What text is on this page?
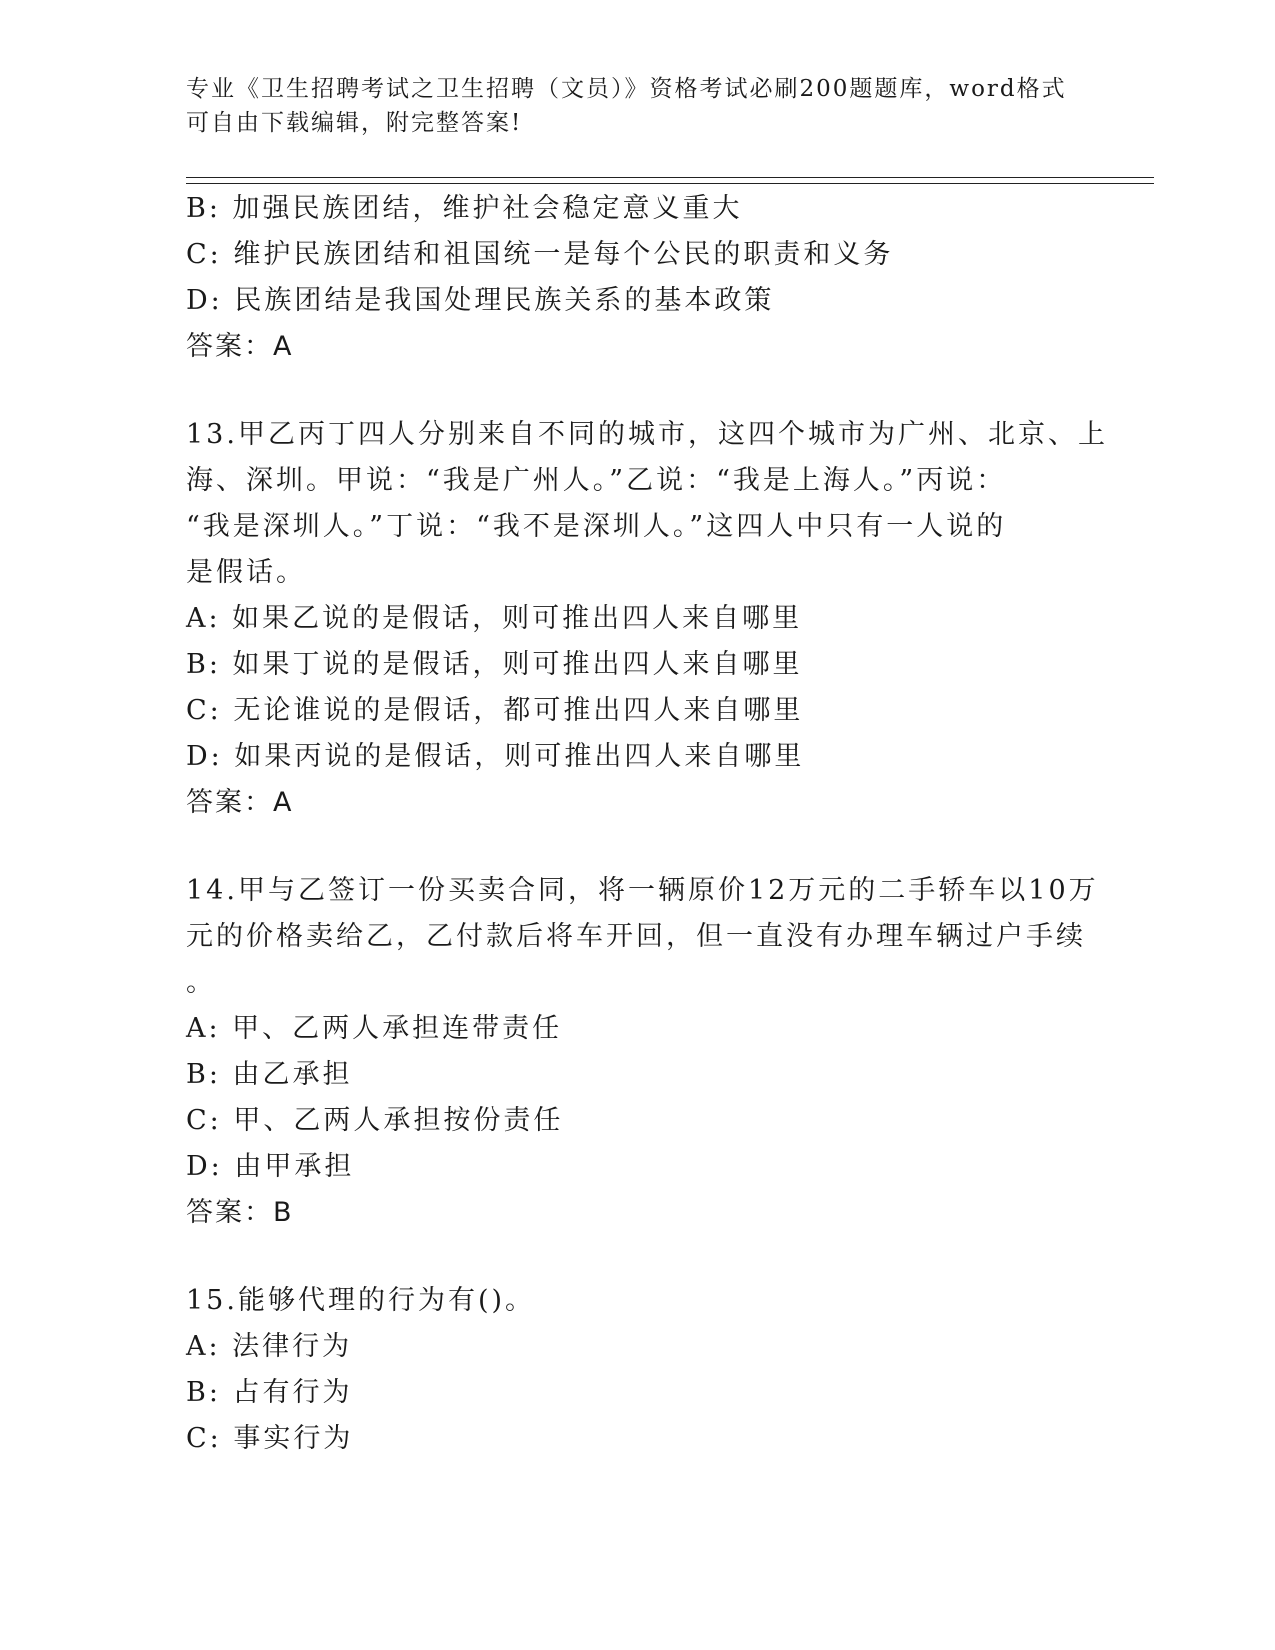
专业《卫生招聘考试之卫生招聘（文员）》资格考试必刷200题题库，word格式
可自由下载编辑，附完整答案!
B: 加强民族团结，维护社会稳定意义重大
C: 维护民族团结和祖国统一是每个公民的职责和义务
D: 民族团结是我国处理民族关系的基本政策
答案：A
13.甲乙丙丁四人分别来自不同的城市，这四个城市为广州、北京、上
海、深圳。甲说：“我是广州人。”乙说：“我是上海人。”丙说：
“我是深圳人。”丁说：“我不是深圳人。”这四人中只有一人说的
是假话。
A: 如果乙说的是假话，则可推出四人来自哪里
B: 如果丁说的是假话，则可推出四人来自哪里
C: 无论谁说的是假话，都可推出四人来自哪里
D: 如果丙说的是假话，则可推出四人来自哪里
答案：A
14.甲与乙签订一份买卖合同，将一辆原价12万元的二手轿车以10万
元的价格卖给乙，乙付款后将车开回，但一直没有办理车辆过户手续
。
A: 甲、乙两人承担连带责任
B: 由乙承担
C: 甲、乙两人承担按份责任
D: 由甲承担
答案：B
15.能够代理的行为有()。
A: 法律行为
B: 占有行为
C: 事实行为
